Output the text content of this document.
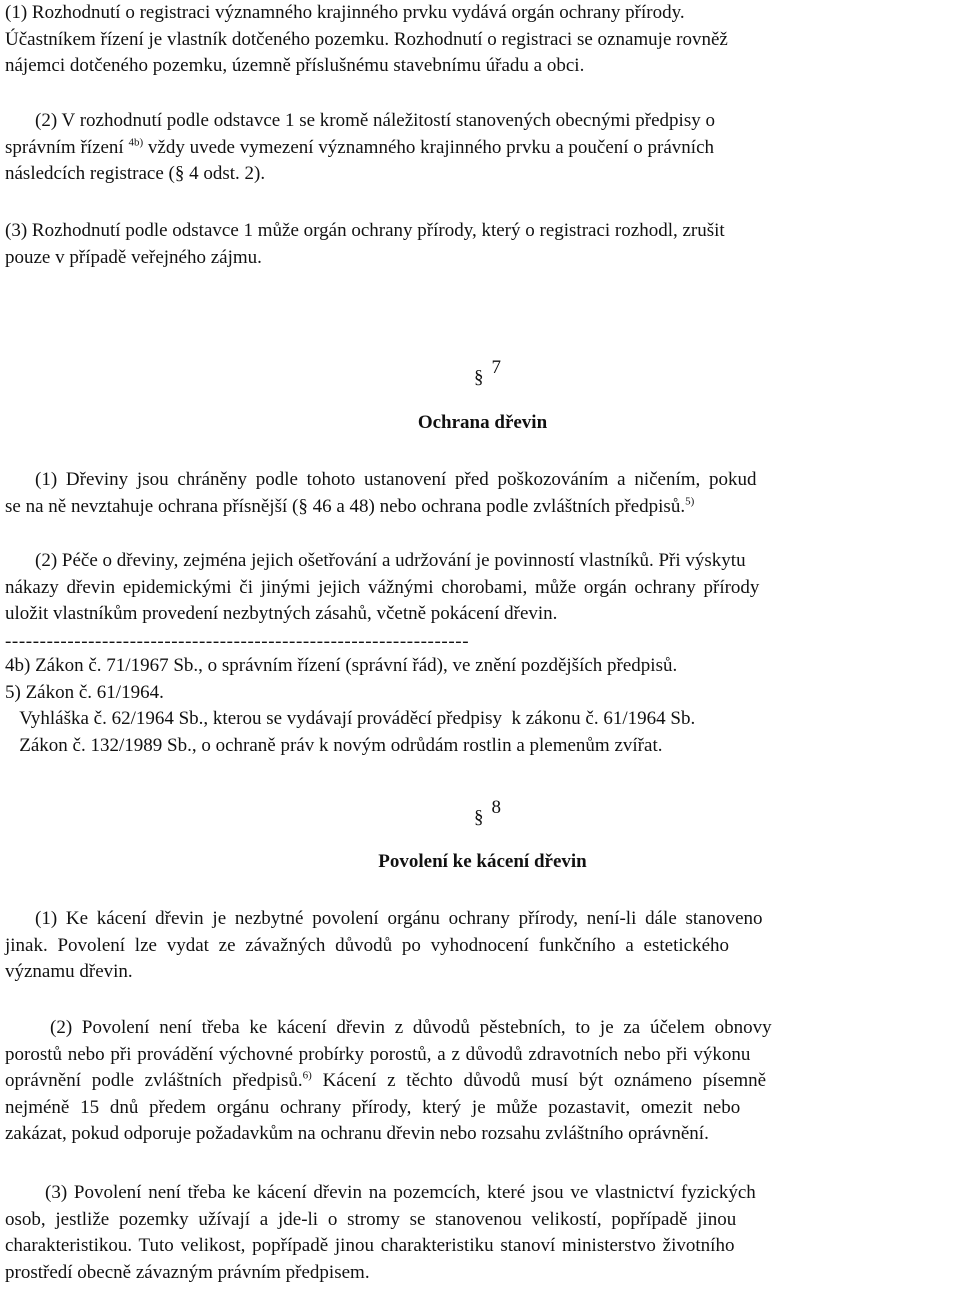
(1) Rozhodnutí o registraci významného krajinného prvku vydává orgán ochrany přírody.

Účastníkem řízení je vlastník dotčeného pozemku. Rozhodnutí o registraci se oznamuje rovněž

nájemci dotčeného pozemku, územně příslušnému stavebnímu úřadu a obci.

(2) V rozhodnutí podle odstavce 1 se kromě náležitostí stanovených obecnými předpisy o

správním řízení $^{4b)}$ vždy uvede vymezení významného krajinného prvku a poučení o právních

následcích registrace (§ 4 odst. 2).

(3) Rozhodnutí podle odstavce 1 může orgán ochrany přírody, který o registraci rozhodl, zrušit

pouze v případě veřejného zájmu.

§ 7

Ochrana dřevin

(1) Dřeviny jsou chráněny podle tohoto ustanovení před poškozováním a ničením, pokud

se na ně nevztahuje ochrana přísnější (§ 46 a 48) nebo ochrana podle zvláštních předpisů.$^{5)}$

(2) Péče o dřeviny, zejména jejich ošetřování a udržování je povinností vlastníků. Při výskytu

nákazy dřevin epidemickými či jinými jejich vážnými chorobami, může orgán ochrany přírody

uložit vlastníkům provedení nezbytných zásahů, včetně pokácení dřevin.

-------------------------------------------------------------------

4b) Zákon č. 71/1967 Sb., o správním řízení (správní řád), ve znění pozdějších předpisů.

5) Zákon č. 61/1964.

Vyhláška č. 62/1964 Sb., kterou se vydávají prováděcí předpisy  k zákonu č. 61/1964 Sb.

Zákon č. 132/1989 Sb., o ochraně práv k novým odrůdám rostlin a plemenům zvířat.

§ 8

Povolení ke kácení dřevin

(1) Ke kácení dřevin je nezbytné povolení orgánu ochrany přírody, není-li dále stanoveno

jinak. Povolení lze vydat ze závažných důvodů po vyhodnocení funkčního a estetického

významu dřevin.

(2) Povolení není třeba ke kácení dřevin z důvodů pěstebních, to je za účelem obnovy

porostů nebo při provádění výchovné probírky porostů, a z důvodů zdravotních nebo při výkonu

oprávnění podle zvláštních předpisů.$^{6)}$ Kácení z těchto důvodů musí být oznámeno písemně

nejméně 15 dnů předem orgánu ochrany přírody, který je může pozastavit, omezit nebo

zakázat, pokud odporuje požadavkům na ochranu dřevin nebo rozsahu zvláštního oprávnění.

(3) Povolení není třeba ke kácení dřevin na pozemcích, které jsou ve vlastnictví fyzických

osob, jestliže pozemky užívají a jde-li o stromy se stanovenou velikostí, popřípadě jinou

charakteristikou. Tuto velikost, popřípadě jinou charakteristiku stanoví ministerstvo životního

prostředí obecně závazným právním předpisem.
